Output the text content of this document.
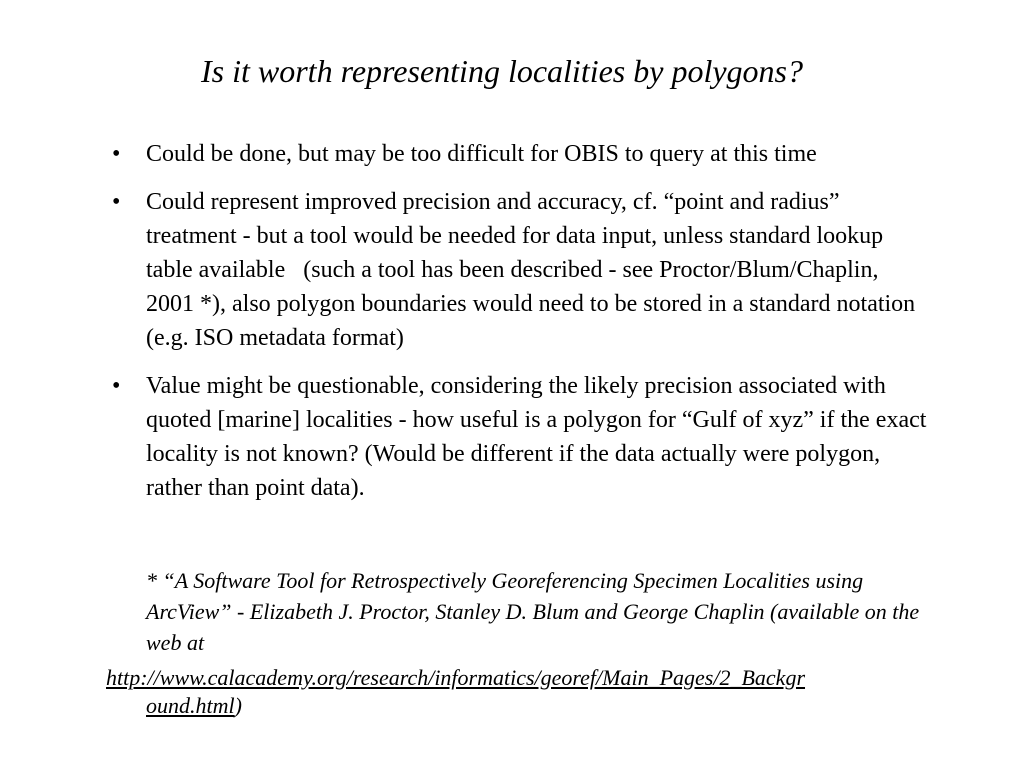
Is it worth representing localities by polygons?
• Could be done, but may be too difficult for OBIS to query at this time
• Could represent improved precision and accuracy, cf. “point and radius” treatment - but a tool would be needed for data input, unless standard lookup table available   (such a tool has been described - see Proctor/Blum/Chaplin, 2001 *), also polygon boundaries would need to be stored in a standard notation (e.g. ISO metadata format)
• Value might be questionable, considering the likely precision associated with quoted [marine] localities - how useful is a polygon for “Gulf of xyz” if the exact locality is not known? (Would be different if the data actually were polygon, rather than point data).
* “A Software Tool for Retrospectively Georeferencing Specimen Localities using ArcView” - Elizabeth J. Proctor, Stanley D. Blum and George Chaplin (available on the web at
http://www.calacademy.org/research/informatics/georef/Main_Pages/2_Backgr
ound.html)
